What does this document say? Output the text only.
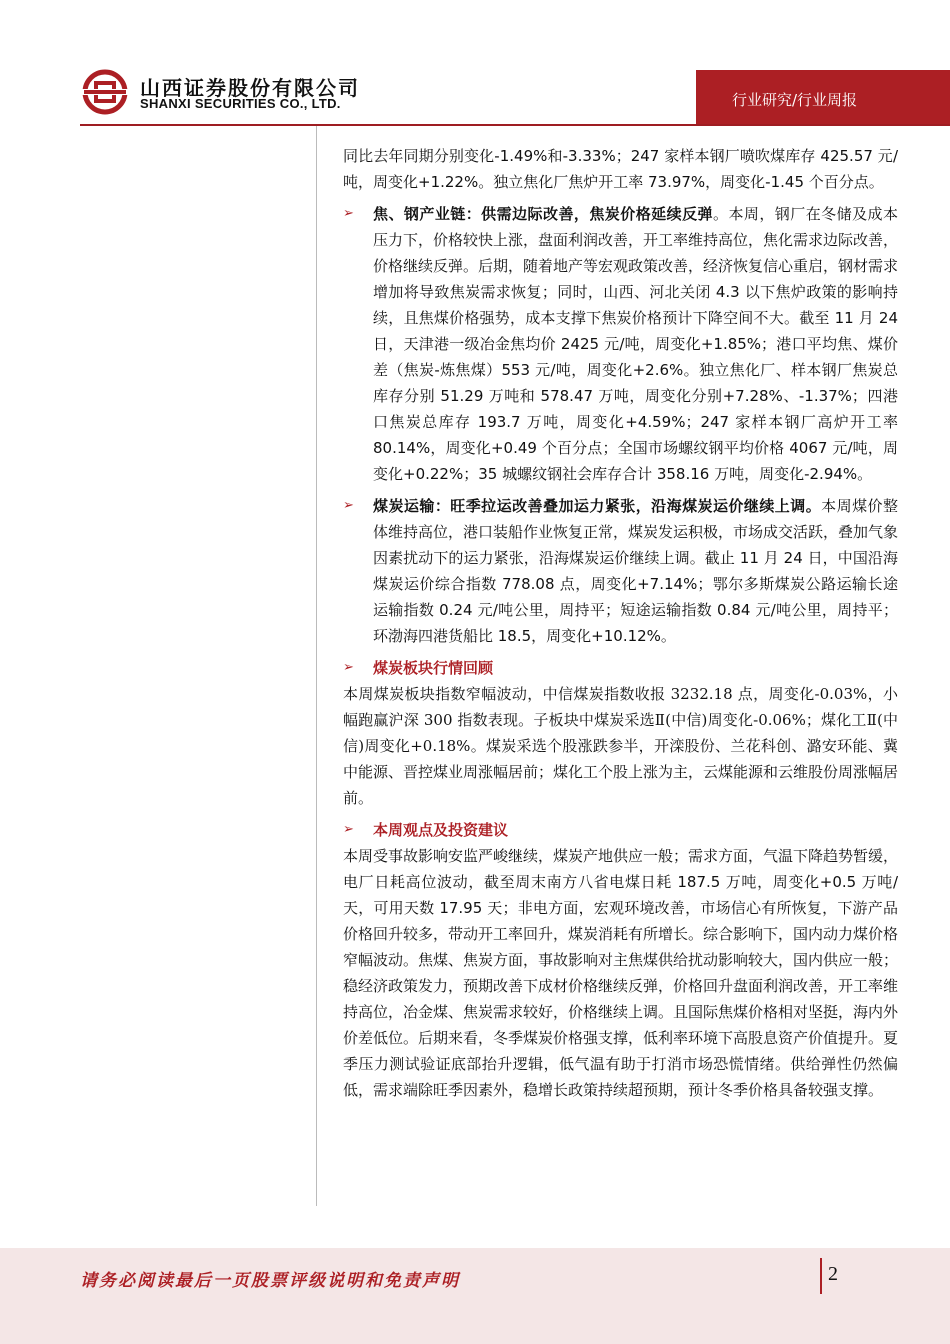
山西证券股份有限公司
SHANXI SECURITIES CO., LTD.	行业研究/行业周报

同比去年同期分别变化-1.49%和-3.33%；247 家样本钢厂喷吹煤库存 425.57 元/吨，周变化+1.22%。独立焦化厂焦炉开工率 73.97%，周变化-1.45 个百分点。

➢	焦、钢产业链：供需边际改善，焦炭价格延续反弹。本周，钢厂在冬储及成本压力下，价格较快上涨，盘面利润改善，开工率维持高位，焦化需求边际改善，价格继续反弹。后期，随着地产等宏观政策改善，经济恢复信心重启，钢材需求增加将导致焦炭需求恢复；同时，山西、河北关闭 4.3 以下焦炉政策的影响持续，且焦煤价格强势，成本支撑下焦炭价格预计下降空间不大。截至 11 月 24 日，天津港一级冶金焦均价 2425 元/吨，周变化+1.85%；港口平均焦、煤价差（焦炭-炼焦煤）553 元/吨，周变化+2.6%。独立焦化厂、样本钢厂焦炭总库存分别 51.29 万吨和 578.47 万吨，周变化分别+7.28%、-1.37%；四港口焦炭总库存 193.7 万吨，周变化+4.59%；247 家样本钢厂高炉开工率 80.14%，周变化+0.49 个百分点；全国市场螺纹钢平均价格 4067 元/吨，周变化+0.22%；35 城螺纹钢社会库存合计 358.16 万吨，周变化-2.94%。

➢	煤炭运输：旺季拉运改善叠加运力紧张，沿海煤炭运价继续上调。本周煤价整体维持高位，港口装船作业恢复正常，煤炭发运积极，市场成交活跃，叠加气象因素扰动下的运力紧张，沿海煤炭运价继续上调。截止 11 月 24 日，中国沿海煤炭运价综合指数 778.08 点，周变化+7.14%；鄂尔多斯煤炭公路运输长途运输指数 0.24 元/吨公里，周持平；短途运输指数 0.84 元/吨公里，周持平；环渤海四港货船比 18.5，周变化+10.12%。

➢	煤炭板块行情回顾

本周煤炭板块指数窄幅波动，中信煤炭指数收报 3232.18 点，周变化-0.03%，小幅跑赢沪深 300 指数表现。子板块中煤炭采选Ⅱ(中信)周变化-0.06%；煤化工Ⅱ(中信)周变化+0.18%。煤炭采选个股涨跌参半，开滦股份、兰花科创、潞安环能、冀中能源、晋控煤业周涨幅居前；煤化工个股上涨为主，云煤能源和云维股份周涨幅居前。

➢	本周观点及投资建议

本周受事故影响安监严峻继续，煤炭产地供应一般；需求方面，气温下降趋势暂缓，电厂日耗高位波动，截至周末南方八省电煤日耗 187.5 万吨，周变化+0.5 万吨/天，可用天数 17.95 天；非电方面，宏观环境改善，市场信心有所恢复，下游产品价格回升较多，带动开工率回升，煤炭消耗有所增长。综合影响下，国内动力煤价格窄幅波动。焦煤、焦炭方面，事故影响对主焦煤供给扰动影响较大，国内供应一般；稳经济政策发力，预期改善下成材价格继续反弹，价格回升盘面利润改善，开工率维持高位，冶金煤、焦炭需求较好，价格继续上调。且国际焦煤价格相对坚挺，海内外价差低位。后期来看，冬季煤炭价格强支撑，低利率环境下高股息资产价值提升。夏季压力测试验证底部抬升逻辑，低气温有助于打消市场恐慌情绪。供给弹性仍然偏低，需求端除旺季因素外，稳增长政策持续超预期，预计冬季价格具备较强支撑。

请务必阅读最后一页股票评级说明和免责声明	2
